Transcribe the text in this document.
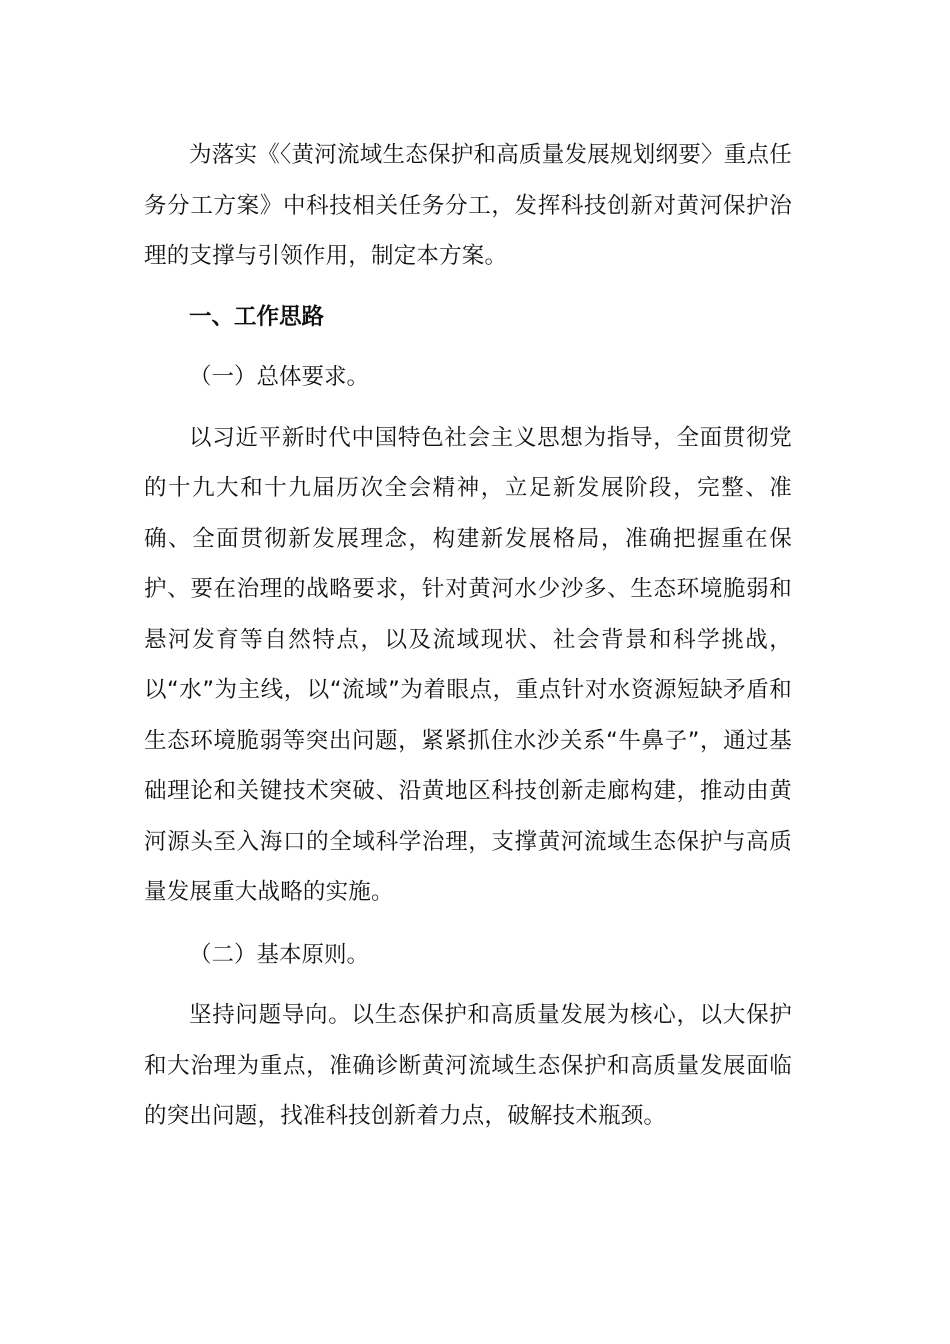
为落实《〈黄河流域生态保护和高质量发展规划纲要〉重点任务分工方案》中科技相关任务分工，发挥科技创新对黄河保护治理的支撑与引领作用，制定本方案。

一、工作思路

（一）总体要求。

以习近平新时代中国特色社会主义思想为指导，全面贯彻党的十九大和十九届历次全会精神，立足新发展阶段，完整、准确、全面贯彻新发展理念，构建新发展格局，准确把握重在保护、要在治理的战略要求，针对黄河水少沙多、生态环境脆弱和悬河发育等自然特点，以及流域现状、社会背景和科学挑战，以“水”为主线，以“流域”为着眼点，重点针对水资源短缺矛盾和生态环境脆弱等突出问题，紧紧抓住水沙关系“牛鼻子”，通过基础理论和关键技术突破、沿黄地区科技创新走廊构建，推动由黄河源头至入海口的全域科学治理，支撑黄河流域生态保护与高质量发展重大战略的实施。

（二）基本原则。

坚持问题导向。以生态保护和高质量发展为核心，以大保护和大治理为重点，准确诊断黄河流域生态保护和高质量发展面临的突出问题，找准科技创新着力点，破解技术瓶颈。
